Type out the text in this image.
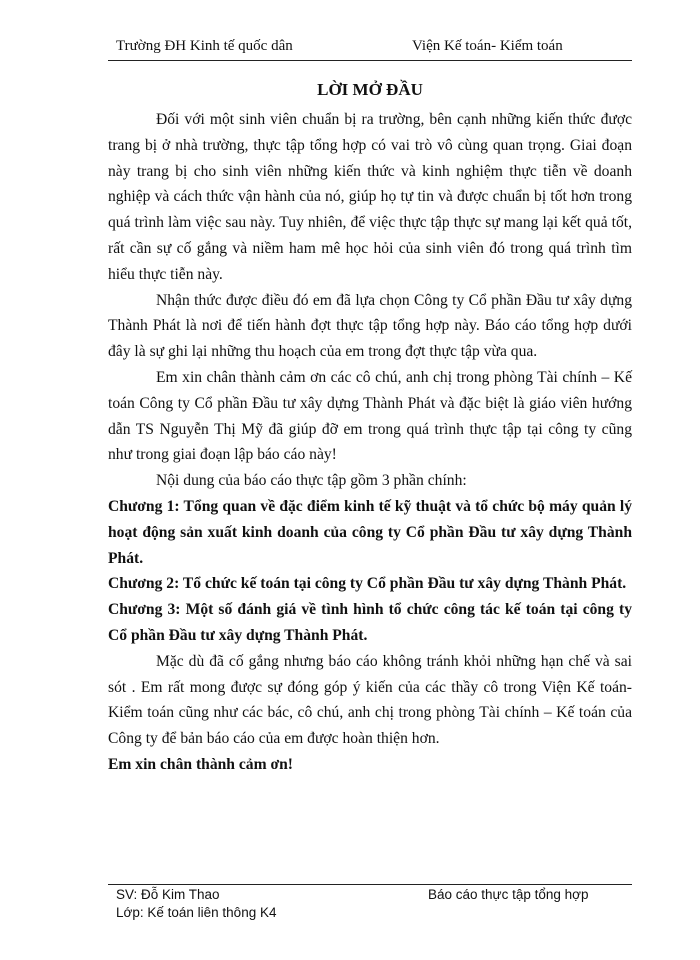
Trường ĐH Kinh tế quốc dân	Viện Kế toán- Kiểm toán
LỜI MỞ ĐẦU

Đối với một sinh viên chuẩn bị ra trường, bên cạnh những kiến thức được trang bị ở nhà trường, thực tập tổng hợp có vai trò vô cùng quan trọng. Giai đoạn này trang bị cho sinh viên những kiến thức và kinh nghiệm thực tiễn về doanh nghiệp và cách thức vận hành của nó, giúp họ tự tin và được chuẩn bị tốt hơn trong quá trình làm việc sau này. Tuy nhiên, để việc thực tập thực sự mang lại kết quả tốt, rất cần sự cố gắng và niềm ham mê học hỏi của sinh viên đó trong quá trình tìm hiểu thực tiễn này.

Nhận thức được điều đó em đã lựa chọn Công ty Cổ phần Đầu tư xây dựng Thành Phát là nơi để tiến hành đợt thực tập tổng hợp này. Báo cáo tổng hợp dưới đây là sự ghi lại những thu hoạch của em trong đợt thực tập vừa qua.

Em xin chân thành cảm ơn các cô chú, anh chị trong phòng Tài chính – Kế toán Công ty Cổ phần Đầu tư xây dựng Thành Phát và đặc biệt là giáo viên hướng dẫn TS Nguyễn Thị Mỹ đã giúp đỡ em trong quá trình thực tập tại công ty cũng như trong giai đoạn lập báo cáo này!

Nội dung của báo cáo thực tập gồm 3 phần chính:

Chương 1: Tổng quan về đặc điểm kinh tế kỹ thuật và tổ chức bộ máy quản lý hoạt động sản xuất kinh doanh của công ty Cổ phần Đầu tư xây dựng Thành Phát.

Chương 2: Tổ chức kế toán tại công ty Cổ phần Đầu tư xây dựng Thành Phát.

Chương 3: Một số đánh giá về tình hình tổ chức công tác kế toán tại công ty Cổ phần Đầu tư xây dựng Thành Phát.

Mặc dù đã cố gắng nhưng báo cáo không tránh khỏi những hạn chế và sai sót . Em rất mong được sự đóng góp ý kiến của các thầy cô trong Viện Kế toán- Kiểm toán cũng như các bác, cô chú, anh chị trong phòng Tài chính – Kế toán của Công ty để bản báo cáo của em được hoàn thiện hơn.

Em xin chân thành cảm ơn!

SV: Đỗ Kim Thao	Báo cáo thực tập tổng hợp
Lớp: Kế toán liên thông K4
